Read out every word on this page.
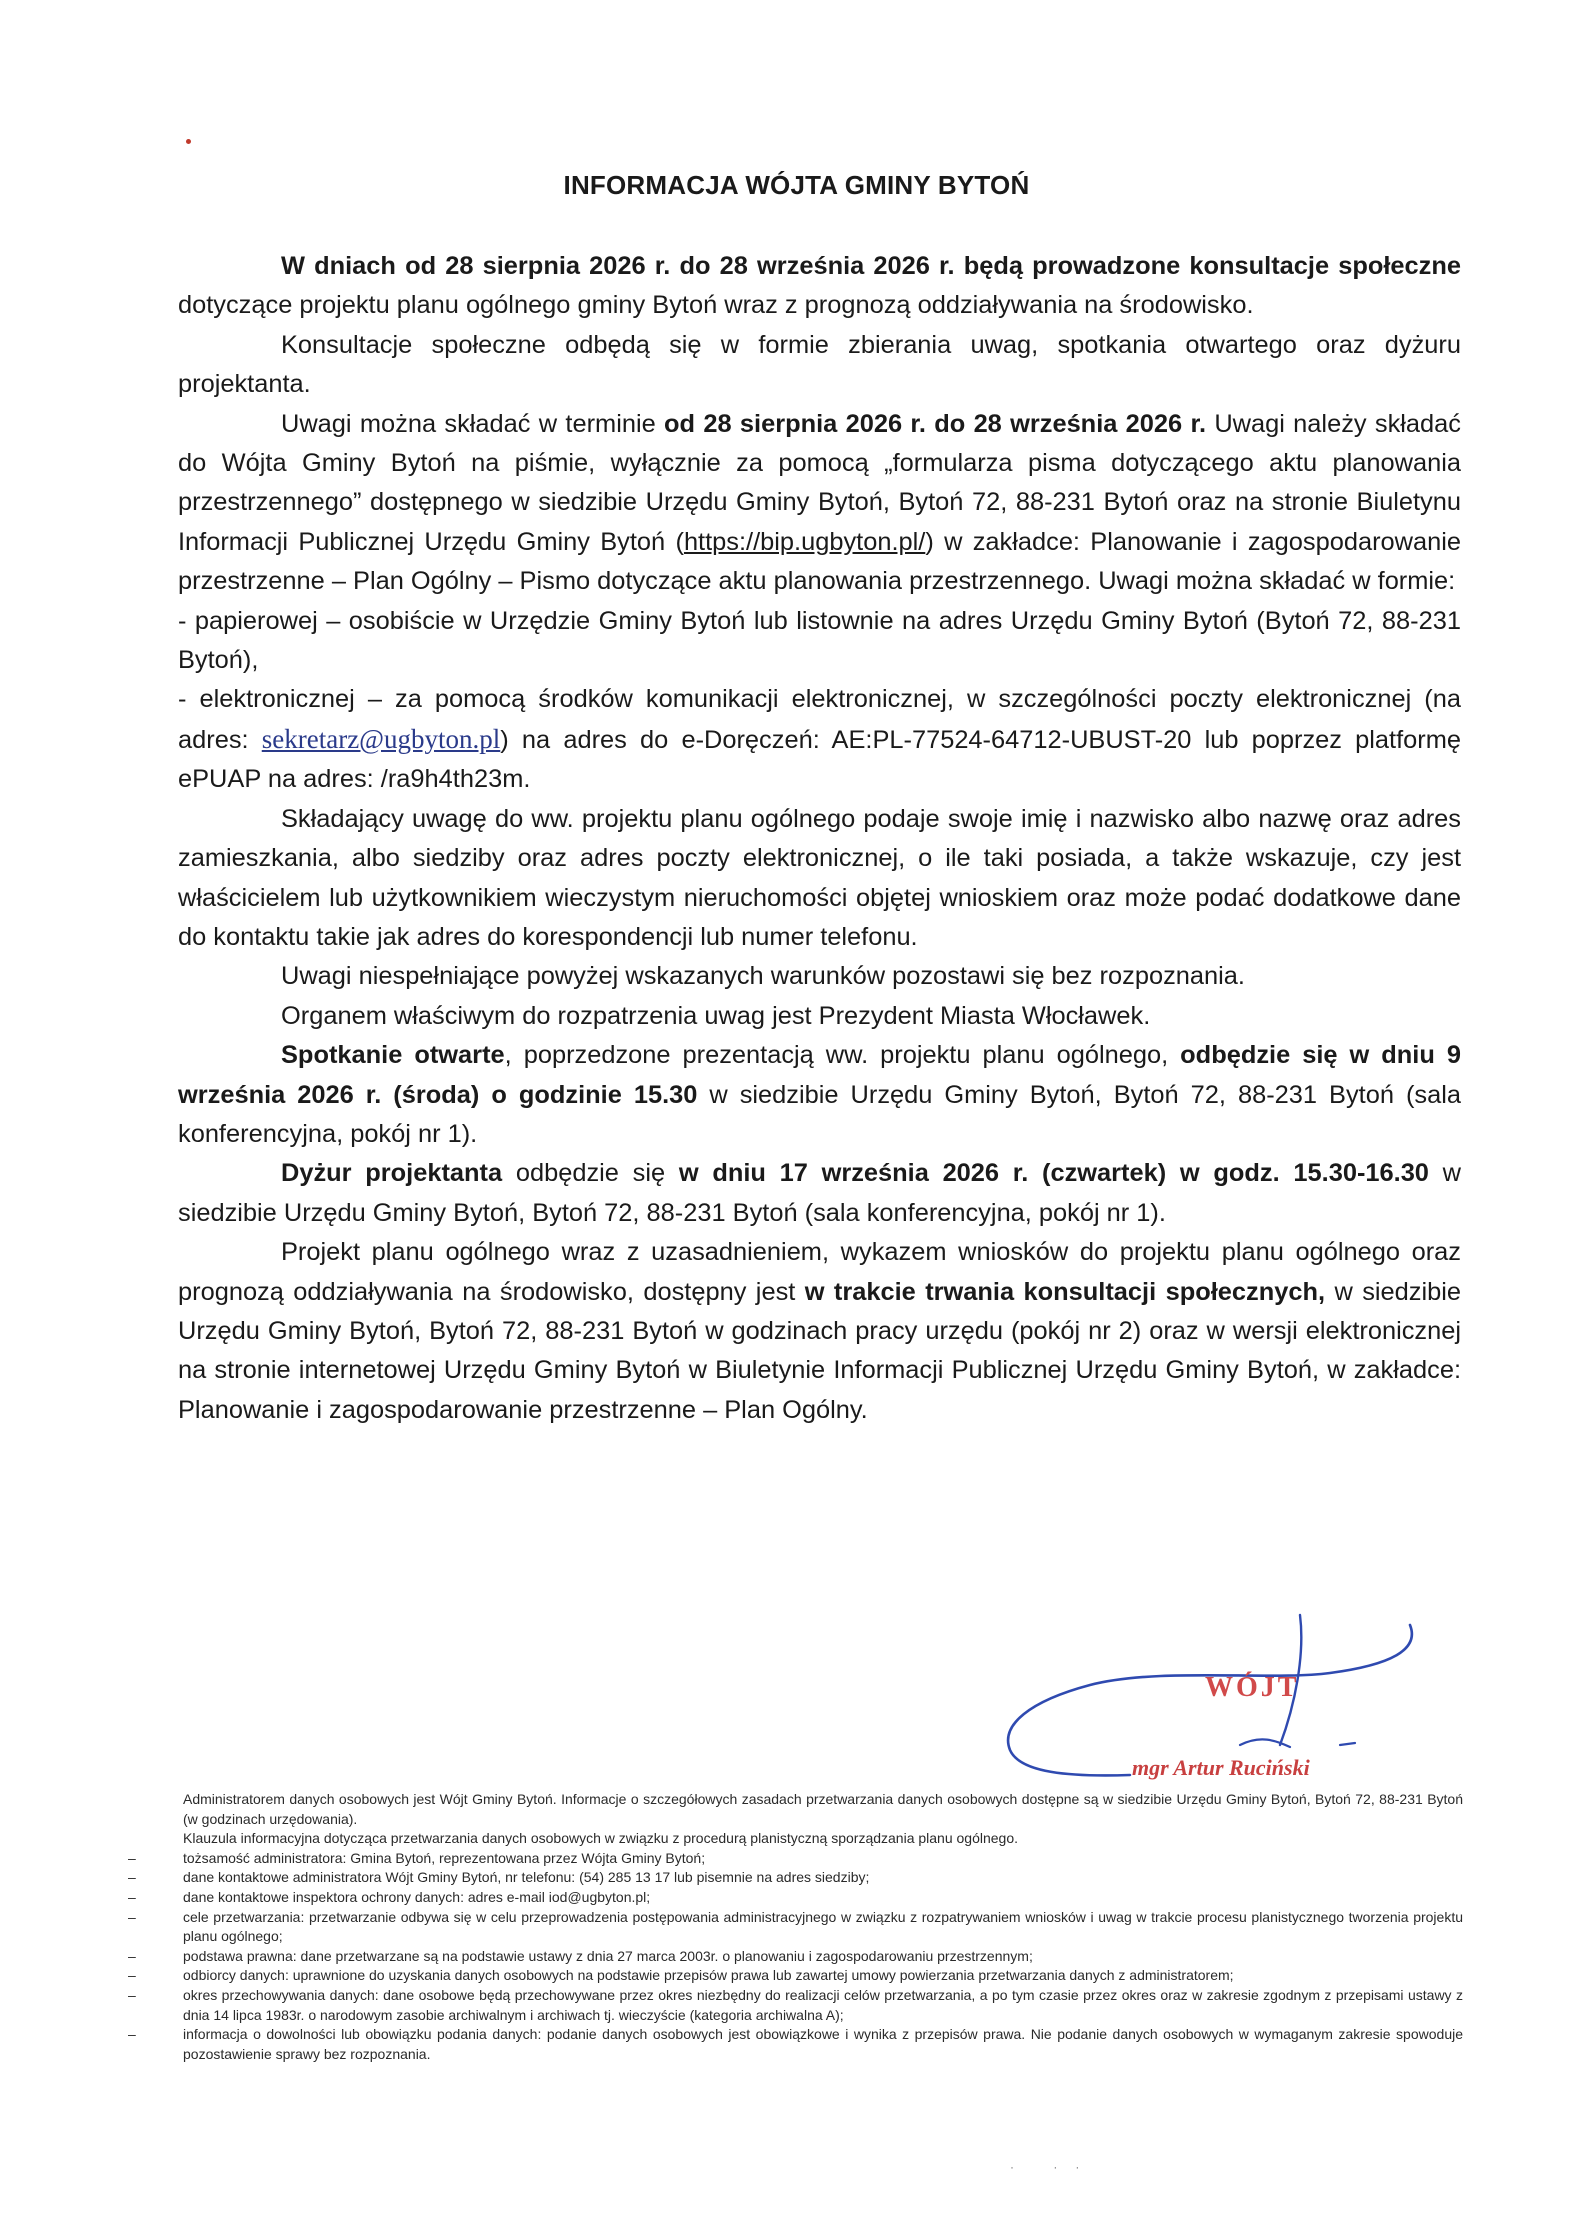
INFORMACJA WÓJTA GMINY BYTOŃ

W dniach od 28 sierpnia 2026 r. do 28 września 2026 r. będą prowadzone konsultacje społeczne dotyczące projektu planu ogólnego gminy Bytoń wraz z prognozą oddziaływania na środowisko.

Konsultacje społeczne odbędą się w formie zbierania uwag, spotkania otwartego oraz dyżuru projektanta.

Uwagi można składać w terminie od 28 sierpnia 2026 r. do 28 września 2026 r. Uwagi należy składać do Wójta Gminy Bytoń na piśmie, wyłącznie za pomocą „formularza pisma dotyczącego aktu planowania przestrzennego” dostępnego w siedzibie Urzędu Gminy Bytoń, Bytoń 72, 88-231 Bytoń oraz na stronie Biuletynu Informacji Publicznej Urzędu Gminy Bytoń (https://bip.ugbyton.pl/) w zakładce: Planowanie i zagospodarowanie przestrzenne – Plan Ogólny – Pismo dotyczące aktu planowania przestrzennego. Uwagi można składać w formie:

- papierowej – osobiście w Urzędzie Gminy Bytoń lub listownie na adres Urzędu Gminy Bytoń (Bytoń 72, 88-231 Bytoń),

- elektronicznej – za pomocą środków komunikacji elektronicznej, w szczególności poczty elektronicznej (na adres: sekretarz@ugbyton.pl) na adres do e-Doręczeń: AE:PL-77524-64712-UBUST-20 lub poprzez platformę ePUAP na adres: /ra9h4th23m.

Składający uwagę do ww. projektu planu ogólnego podaje swoje imię i nazwisko albo nazwę oraz adres zamieszkania, albo siedziby oraz adres poczty elektronicznej, o ile taki posiada, a także wskazuje, czy jest właścicielem lub użytkownikiem wieczystym nieruchomości objętej wnioskiem oraz może podać dodatkowe dane do kontaktu takie jak adres do korespondencji lub numer telefonu.

Uwagi niespełniające powyżej wskazanych warunków pozostawi się bez rozpoznania.

Organem właściwym do rozpatrzenia uwag jest Prezydent Miasta Włocławek.

Spotkanie otwarte, poprzedzone prezentacją ww. projektu planu ogólnego, odbędzie się w dniu 9 września 2026 r. (środa) o godzinie 15.30 w siedzibie Urzędu Gminy Bytoń, Bytoń 72, 88-231 Bytoń (sala konferencyjna, pokój nr 1).

Dyżur projektanta odbędzie się w dniu 17 września 2026 r. (czwartek) w godz. 15.30-16.30 w siedzibie Urzędu Gminy Bytoń, Bytoń 72, 88-231 Bytoń (sala konferencyjna, pokój nr 1).

Projekt planu ogólnego wraz z uzasadnieniem, wykazem wniosków do projektu planu ogólnego oraz prognozą oddziaływania na środowisko, dostępny jest w trakcie trwania konsultacji społecznych, w siedzibie Urzędu Gminy Bytoń, Bytoń 72, 88-231 Bytoń w godzinach pracy urzędu (pokój nr 2) oraz w wersji elektronicznej na stronie internetowej Urzędu Gminy Bytoń w Biuletynie Informacji Publicznej Urzędu Gminy Bytoń, w zakładce: Planowanie i zagospodarowanie przestrzenne – Plan Ogólny.

WÓJT
mgr Artur Ruciński

Administratorem danych osobowych jest Wójt Gminy Bytoń. Informacje o szczegółowych zasadach przetwarzania danych osobowych dostępne są w siedzibie Urzędu Gminy Bytoń, Bytoń 72, 88-231 Bytoń (w godzinach urzędowania).

Klauzula informacyjna dotycząca przetwarzania danych osobowych w związku z procedurą planistyczną sporządzania planu ogólnego.

– tożsamość administratora: Gmina Bytoń, reprezentowana przez Wójta Gminy Bytoń;
– dane kontaktowe administratora Wójt Gminy Bytoń, nr telefonu: (54) 285 13 17 lub pisemnie na adres siedziby;
– dane kontaktowe inspektora ochrony danych: adres e-mail iod@ugbyton.pl;
– cele przetwarzania: przetwarzanie odbywa się w celu przeprowadzenia postępowania administracyjnego w związku z rozpatrywaniem wniosków i uwag w trakcie procesu planistycznego tworzenia projektu planu ogólnego;
– podstawa prawna: dane przetwarzane są na podstawie ustawy z dnia 27 marca 2003r. o planowaniu i zagospodarowaniu przestrzennym;
– odbiorcy danych: uprawnione do uzyskania danych osobowych na podstawie przepisów prawa lub zawartej umowy powierzania przetwarzania danych z administratorem;
– okres przechowywania danych: dane osobowe będą przechowywane przez okres niezbędny do realizacji celów przetwarzania, a po tym czasie przez okres oraz w zakresie zgodnym z przepisami ustawy z dnia 14 lipca 1983r. o narodowym zasobie archiwalnym i archiwach tj. wieczyście (kategoria archiwalna A);
– informacja o dowolności lub obowiązku podania danych: podanie danych osobowych jest obowiązkowe i wynika z przepisów prawa. Nie podanie danych osobowych w wymaganym zakresie spowoduje pozostawienie sprawy bez rozpoznania.
· ··
